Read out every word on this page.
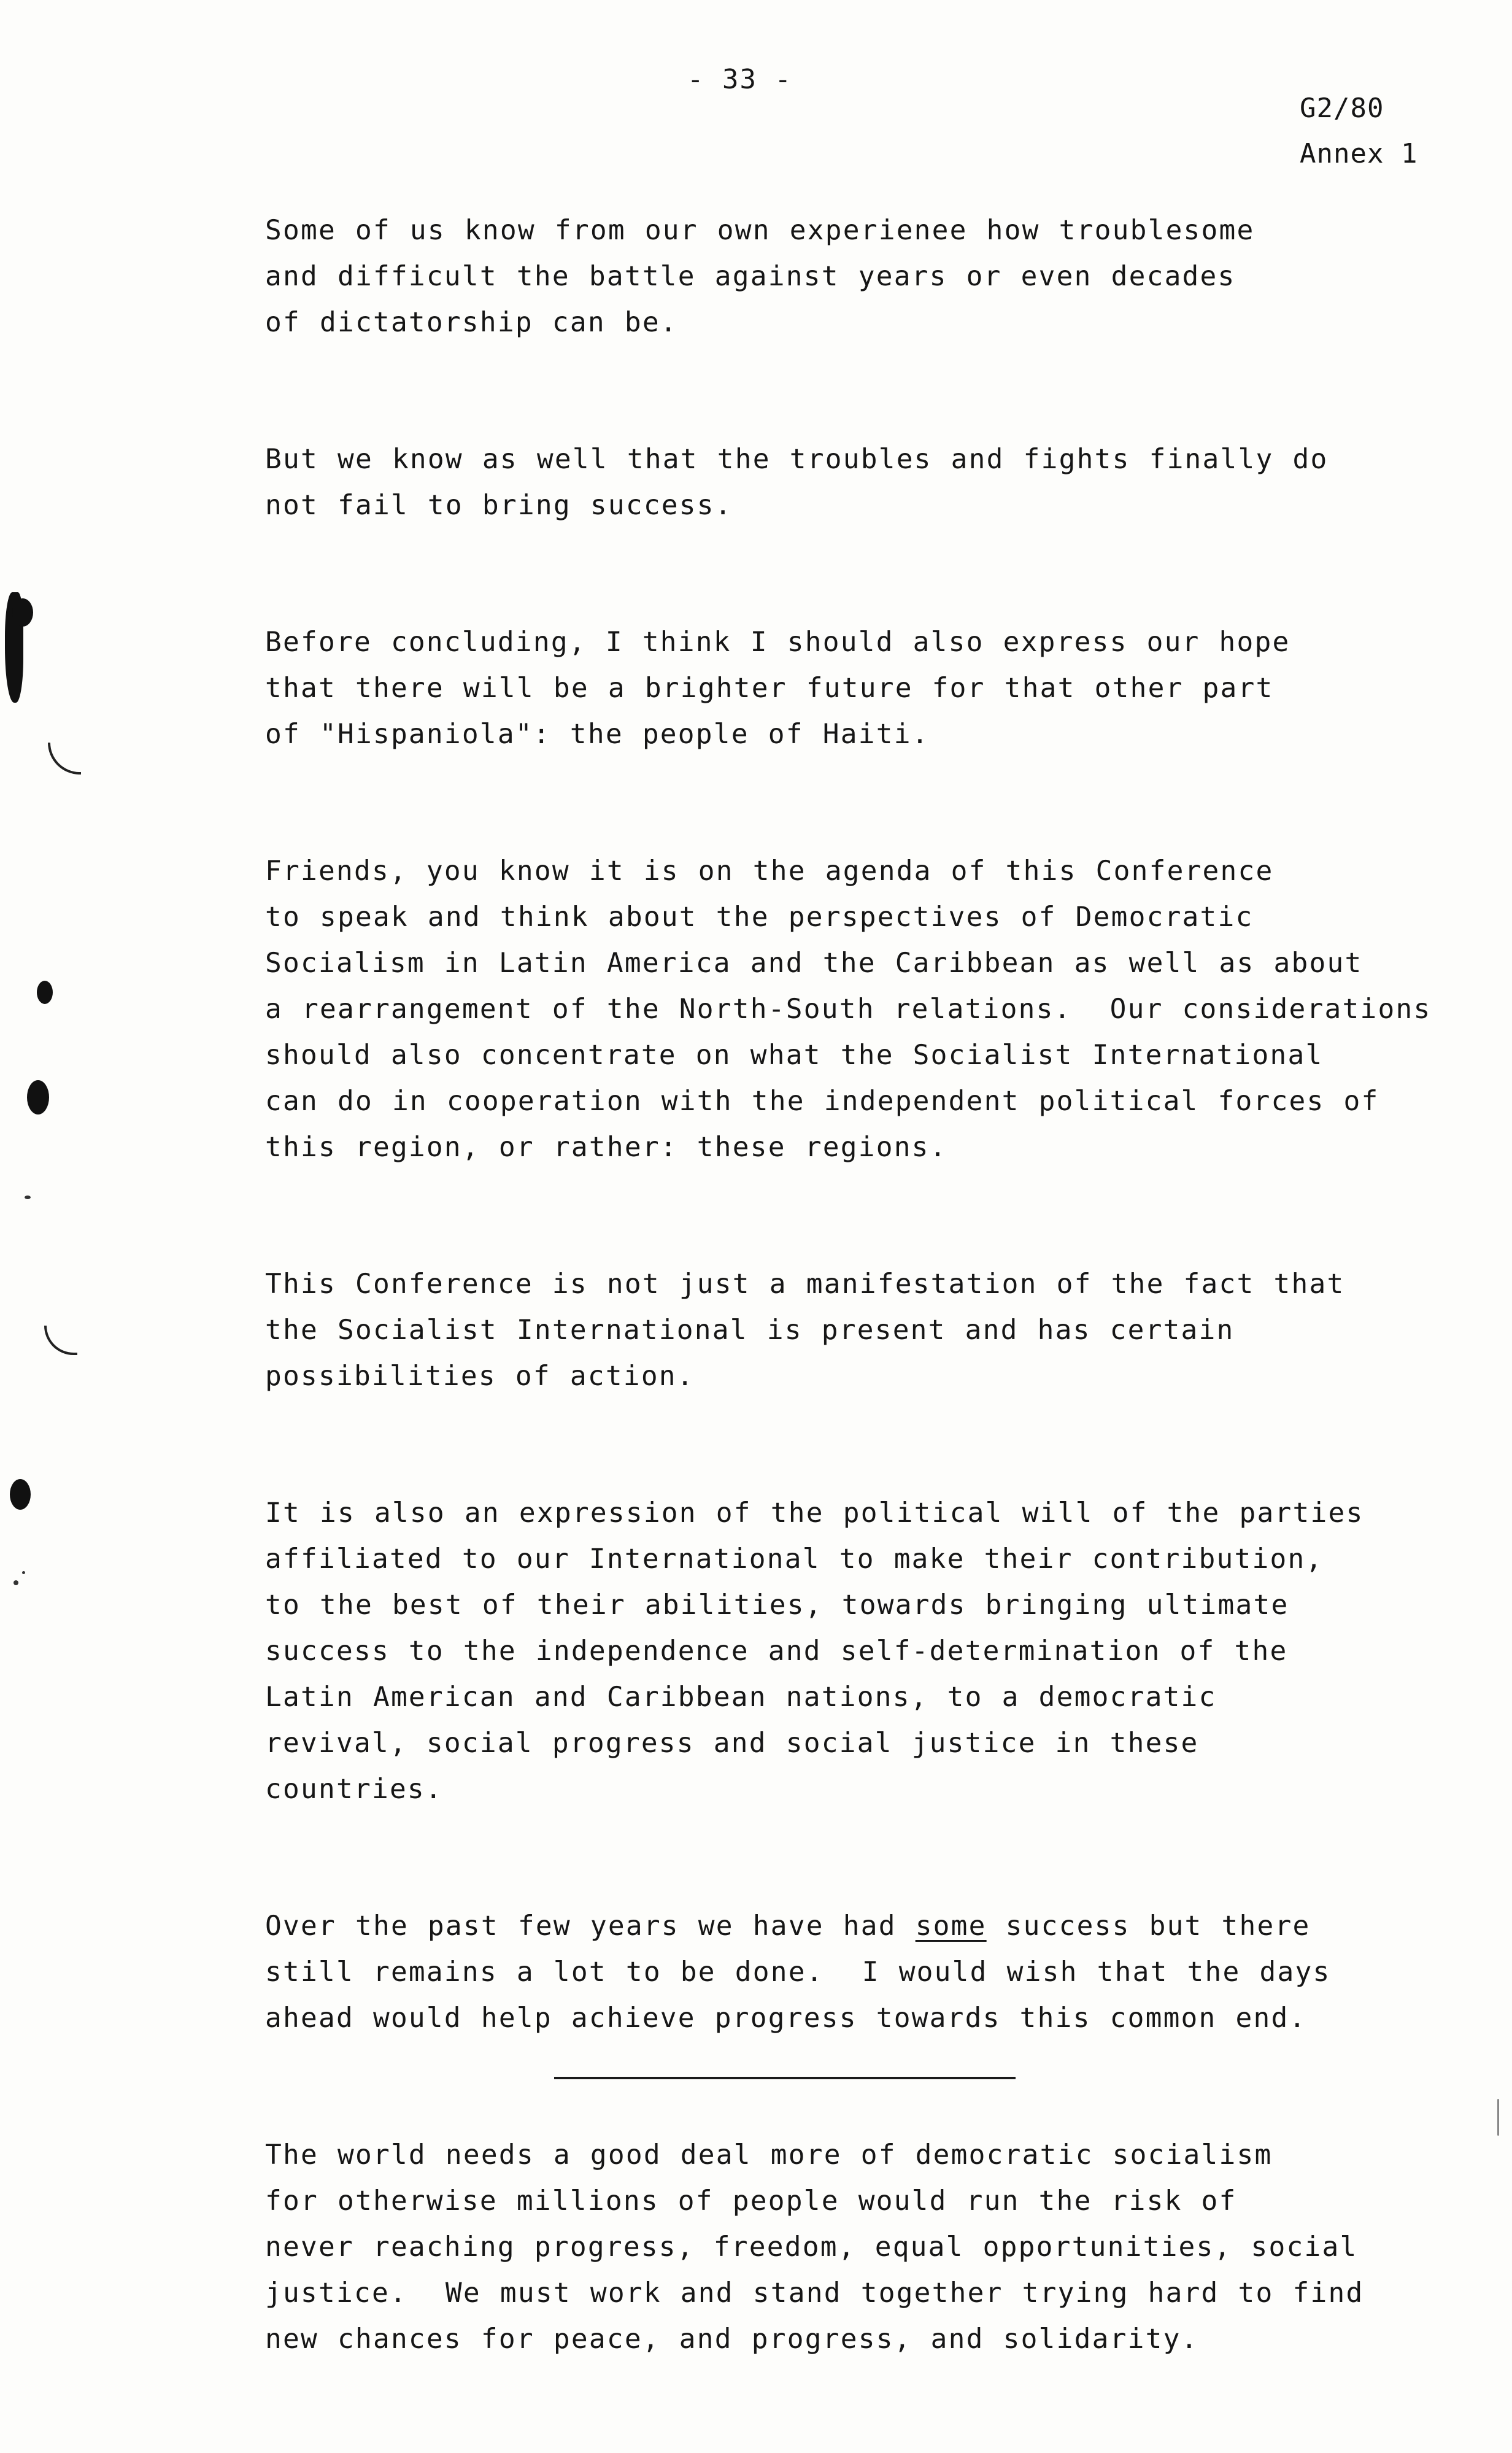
- 33 -
G2/80
Annex 1
Some of us know from our own experienee how troublesome
and difficult the battle against years or even decades
of dictatorship can be.
But we know as well that the troubles and fights finally do
not fail to bring success.
Before concluding, I think I should also express our hope
that there will be a brighter future for that other part
of "Hispaniola": the people of Haiti.
Friends, you know it is on the agenda of this Conference
to speak and think about the perspectives of Democratic
Socialism in Latin America and the Caribbean as well as about
a rearrangement of the North-South relations.  Our considerations
should also concentrate on what the Socialist International
can do in cooperation with the independent political forces of
this region, or rather: these regions.
This Conference is not just a manifestation of the fact that
the Socialist International is present and has certain
possibilities of action.
It is also an expression of the political will of the parties
affiliated to our International to make their contribution,
to the best of their abilities, towards bringing ultimate
success to the independence and self-determination of the
Latin American and Caribbean nations, to a democratic
revival, social progress and social justice in these
countries.
Over the past few years we have had some success but there
still remains a lot to be done.  I would wish that the days
ahead would help achieve progress towards this common end.
The world needs a good deal more of democratic socialism
for otherwise millions of people would run the risk of
never reaching progress, freedom, equal opportunities, social
justice.  We must work and stand together trying hard to find
new chances for peace, and progress, and solidarity.
